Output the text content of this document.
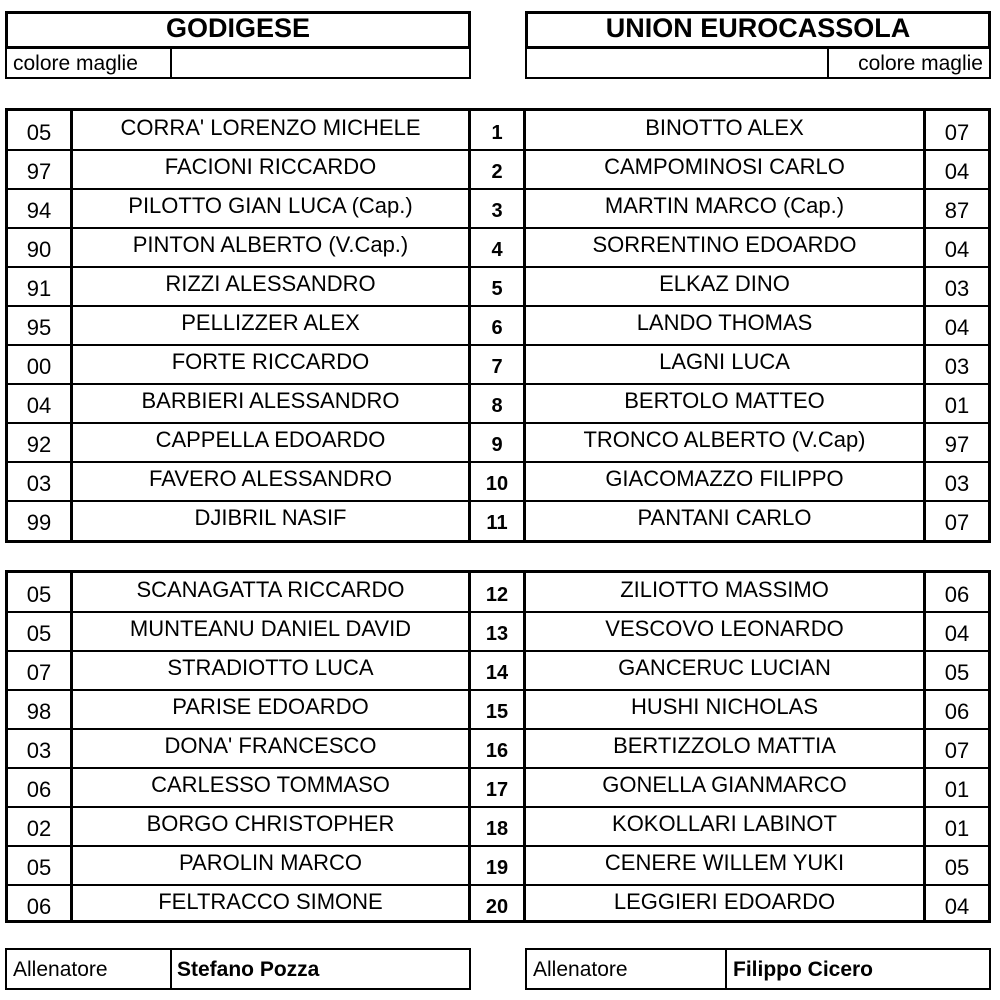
GODIGESE	UNION EUROCASSOLA
colore maglie	colore maglie
05	CORRA' LORENZO MICHELE	1	BINOTTO ALEX	07
97	FACIONI RICCARDO	2	CAMPOMINOSI CARLO	04
94	PILOTTO GIAN LUCA (Cap.)	3	MARTIN MARCO (Cap.)	87
90	PINTON ALBERTO (V.Cap.)	4	SORRENTINO EDOARDO	04
91	RIZZI ALESSANDRO	5	ELKAZ DINO	03
95	PELLIZZER ALEX	6	LANDO THOMAS	04
00	FORTE RICCARDO	7	LAGNI LUCA	03
04	BARBIERI ALESSANDRO	8	BERTOLO MATTEO	01
92	CAPPELLA EDOARDO	9	TRONCO ALBERTO (V.Cap)	97
03	FAVERO ALESSANDRO	10	GIACOMAZZO FILIPPO	03
99	DJIBRIL NASIF	11	PANTANI CARLO	07
05	SCANAGATTA RICCARDO	12	ZILIOTTO MASSIMO	06
05	MUNTEANU DANIEL DAVID	13	VESCOVO LEONARDO	04
07	STRADIOTTO LUCA	14	GANCERUC LUCIAN	05
98	PARISE EDOARDO	15	HUSHI NICHOLAS	06
03	DONA' FRANCESCO	16	BERTIZZOLO MATTIA	07
06	CARLESSO TOMMASO	17	GONELLA GIANMARCO	01
02	BORGO CHRISTOPHER	18	KOKOLLARI LABINOT	01
05	PAROLIN MARCO	19	CENERE WILLEM YUKI	05
06	FELTRACCO SIMONE	20	LEGGIERI EDOARDO	04
Allenatore	Stefano Pozza	Allenatore	Filippo Cicero
